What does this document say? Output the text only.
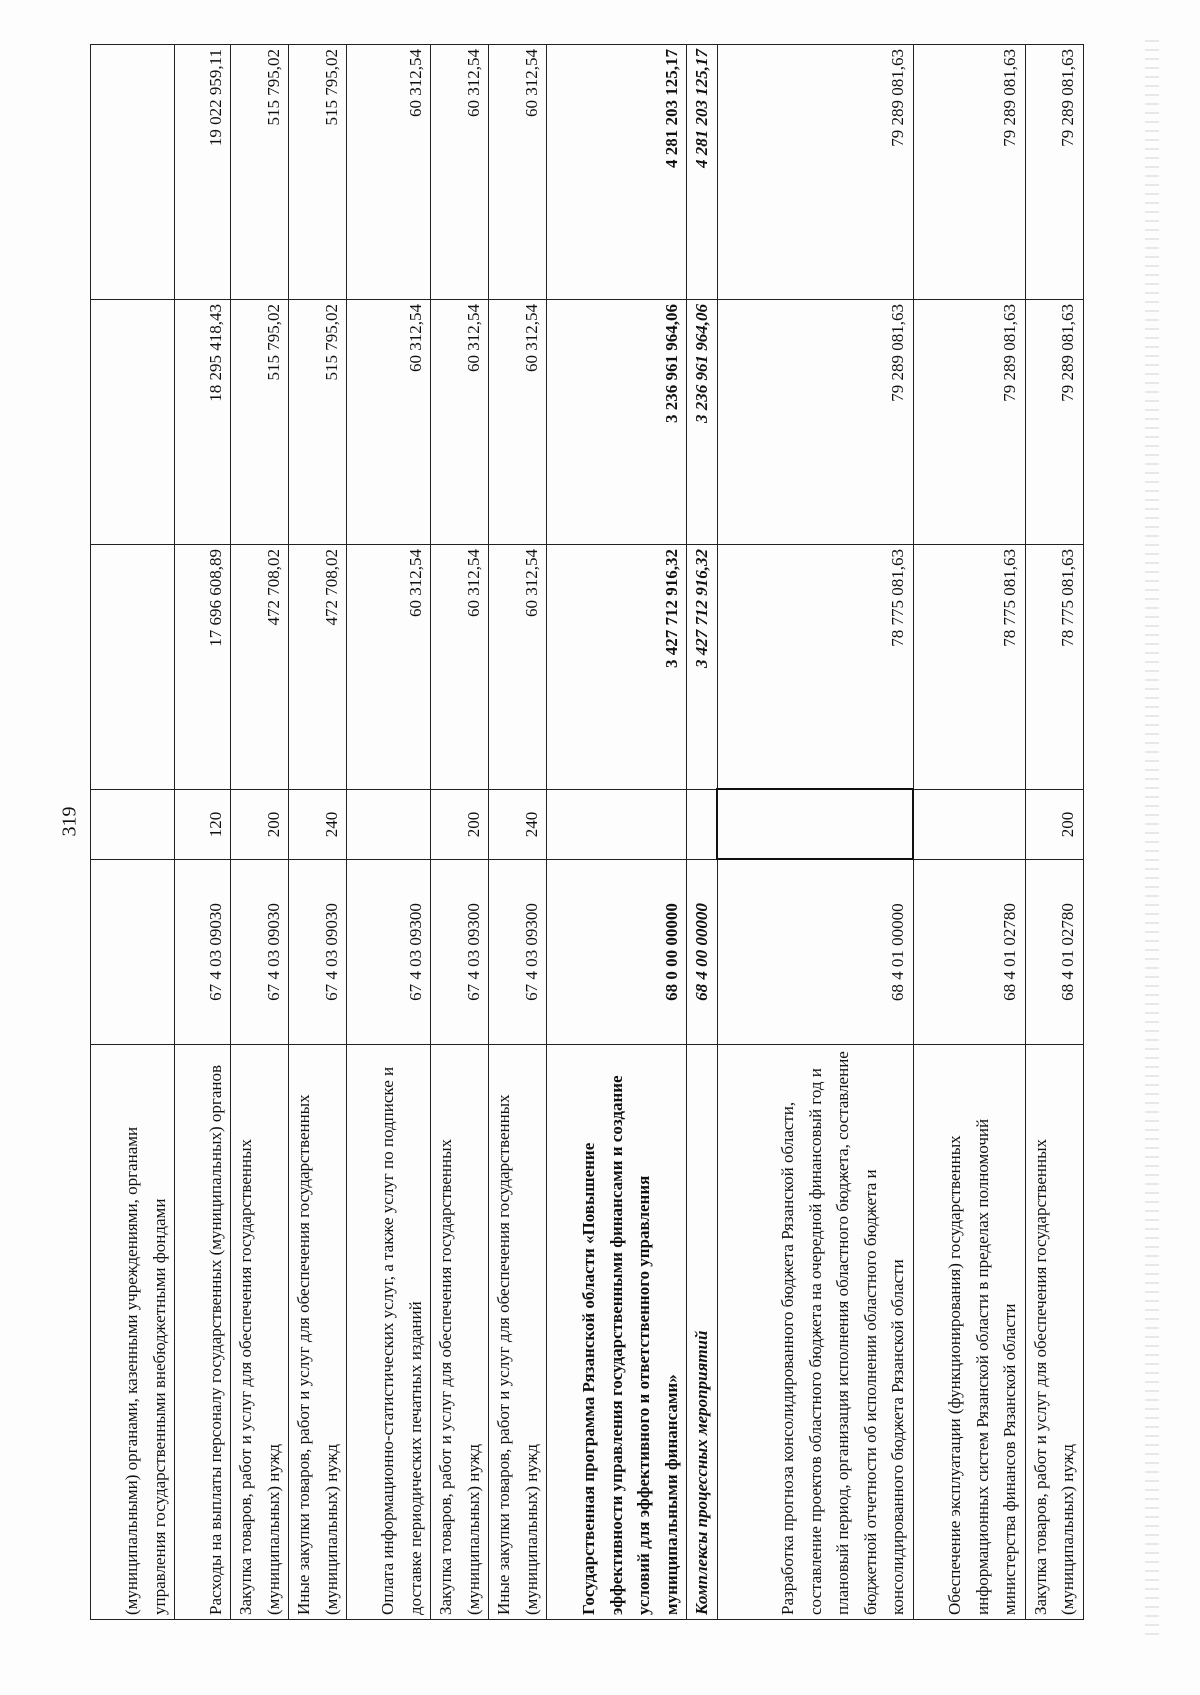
319
(муниципальными) органами, казенными учреждениями, органами управления государственными внебюджетными фондами					
Расходы на выплаты персоналу государственных (муниципальных) органов	67 4 03 09030	120	17 696 608,89	18 295 418,43	19 022 959,11
Закупка товаров, работ и услуг для обеспечения государственных (муниципальных) нужд	67 4 03 09030	200	472 708,02	515 795,02	515 795,02
Иные закупки товаров, работ и услуг для обеспечения государственных (муниципальных) нужд	67 4 03 09030	240	472 708,02	515 795,02	515 795,02
Оплата информационно-статистических услуг, а также услуг по подписке и доставке периодических печатных изданий	67 4 03 09300		60 312,54	60 312,54	60 312,54
Закупка товаров, работ и услуг для обеспечения государственных (муниципальных) нужд	67 4 03 09300	200	60 312,54	60 312,54	60 312,54
Иные закупки товаров, работ и услуг для обеспечения государственных (муниципальных) нужд	67 4 03 09300	240	60 312,54	60 312,54	60 312,54
Государственная программа Рязанской области «Повышение эффективности управления государственными финансами и создание условий для эффективного и ответственного управления муниципальными финансами»	68 0 00 00000		3 427 712 916,32	3 236 961 964,06	4 281 203 125,17
Комплексы процессных мероприятий	68 4 00 00000		3 427 712 916,32	3 236 961 964,06	4 281 203 125,17
Разработка прогноза консолидированного бюджета Рязанской области, составление проектов областного бюджета на очередной финансовый год и плановый период, организация исполнения областного бюджета, составление бюджетной отчетности об исполнении областного бюджета и консолидированного бюджета Рязанской области	68 4 01 00000		78 775 081,63	79 289 081,63	79 289 081,63
Обеспечение эксплуатации (функционирования) государственных информационных систем Рязанской области в пределах полномочий министерства финансов Рязанской области	68 4 01 02780		78 775 081,63	79 289 081,63	79 289 081,63
Закупка товаров, работ и услуг для обеспечения государственных (муниципальных) нужд	68 4 01 02780	200	78 775 081,63	79 289 081,63	79 289 081,63
